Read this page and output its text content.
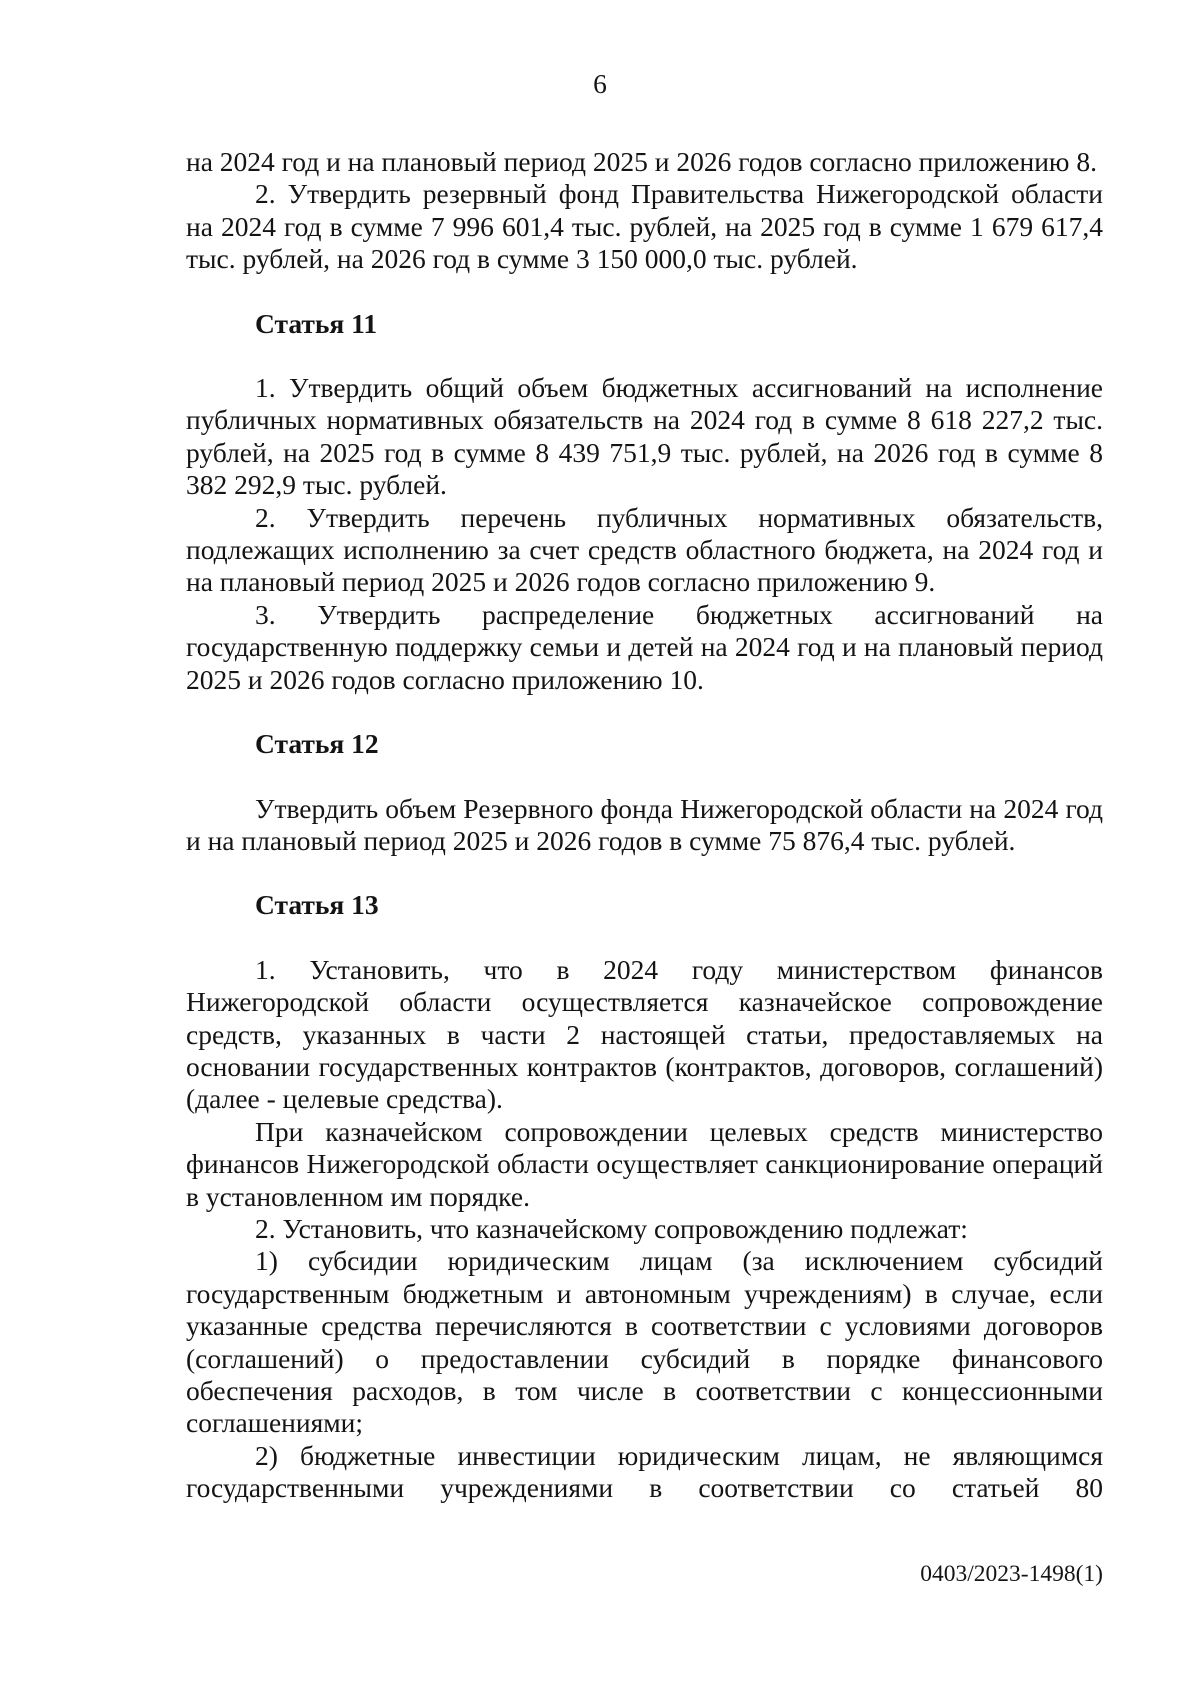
6

на 2024 год и на плановый период 2025 и 2026 годов согласно приложению 8.

2. Утвердить резервный фонд Правительства Нижегородской области на 2024 год в сумме 7 996 601,4 тыс. рублей, на 2025 год в сумме 1 679 617,4 тыс. рублей, на 2026 год в сумме 3 150 000,0 тыс. рублей.

Статья 11

1. Утвердить общий объем бюджетных ассигнований на исполнение публичных нормативных обязательств на 2024 год в сумме 8 618 227,2 тыс. рублей, на 2025 год в сумме 8 439 751,9 тыс. рублей, на 2026 год в сумме 8 382 292,9 тыс. рублей.

2. Утвердить перечень публичных нормативных обязательств, подлежащих исполнению за счет средств областного бюджета, на 2024 год и на плановый период 2025 и 2026 годов согласно приложению 9.

3. Утвердить распределение бюджетных ассигнований на государственную поддержку семьи и детей на 2024 год и на плановый период 2025 и 2026 годов согласно приложению 10.

Статья 12

Утвердить объем Резервного фонда Нижегородской области на 2024 год и на плановый период 2025 и 2026 годов в сумме 75 876,4 тыс. рублей.

Статья 13

1. Установить, что в 2024 году министерством финансов Нижегородской области осуществляется казначейское сопровождение средств, указанных в части 2 настоящей статьи, предоставляемых на основании государственных контрактов (контрактов, договоров, соглашений) (далее - целевые средства).

При казначейском сопровождении целевых средств министерство финансов Нижегородской области осуществляет санкционирование операций в установленном им порядке.

2. Установить, что казначейскому сопровождению подлежат:

1) субсидии юридическим лицам (за исключением субсидий государственным бюджетным и автономным учреждениям) в случае, если указанные средства перечисляются в соответствии с условиями договоров (соглашений) о предоставлении субсидий в порядке финансового обеспечения расходов, в том числе в соответствии с концессионными соглашениями;

2) бюджетные инвестиции юридическим лицам, не являющимся государственными учреждениями в соответствии со статьей 80

0403/2023-1498(1)
